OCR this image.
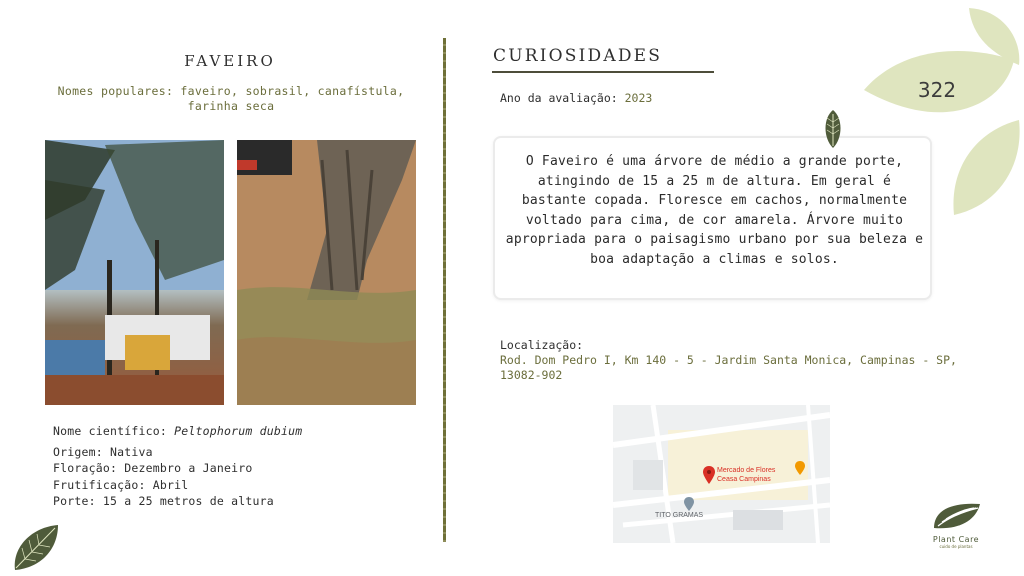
322
FAVEIRO
Nomes populares: faveiro, sobrasil, canafístula, farinha seca
Nome científico: Peltophorum dubium
Origem: Nativa
Floração: Dezembro a Janeiro
Frutificação: Abril
Porte: 15 a 25 metros de altura
CURIOSIDADES
Ano da avaliação: 2023
O Faveiro é uma árvore de médio a grande porte, atingindo de 15 a 25 m de altura. Em geral é bastante copada. Floresce em cachos, normalmente voltado para cima, de cor amarela. Árvore muito apropriada para o paisagismo urbano por sua beleza e boa adaptação a climas e solos.
Localização:
Rod. Dom Pedro I, Km 140 - 5 - Jardim Santa Monica, Campinas - SP, 13082-902
Mercado de Flores
Ceasa Campinas
TITO GRAMAS
Plant Care
cuido de plantas
